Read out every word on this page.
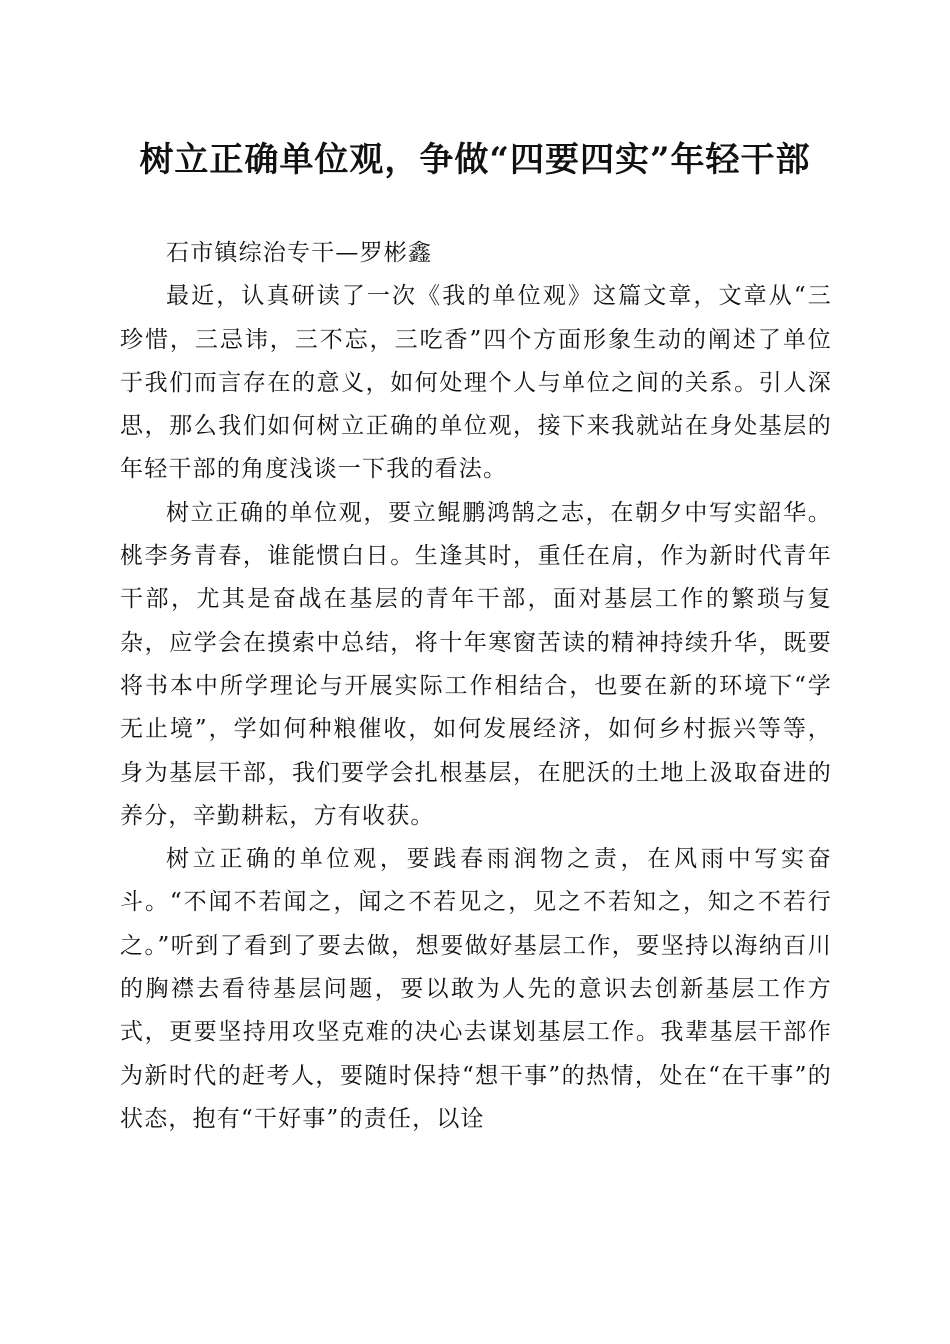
树立正确单位观，争做“四要四实”年轻干部

石市镇综治专干—罗彬鑫

最近，认真研读了一次《我的单位观》这篇文章，文章从“三珍惜，三忌讳，三不忘，三吃香”四个方面形象生动的阐述了单位于我们而言存在的意义，如何处理个人与单位之间的关系。引人深思，那么我们如何树立正确的单位观，接下来我就站在身处基层的年轻干部的角度浅谈一下我的看法。

树立正确的单位观，要立鲲鹏鸿鹄之志，在朝夕中写实韶华。桃李务青春，谁能惯白日。生逢其时，重任在肩，作为新时代青年干部，尤其是奋战在基层的青年干部，面对基层工作的繁琐与复杂，应学会在摸索中总结，将十年寒窗苦读的精神持续升华，既要将书本中所学理论与开展实际工作相结合，也要在新的环境下“学无止境”，学如何种粮催收，如何发展经济，如何乡村振兴等等，身为基层干部，我们要学会扎根基层，在肥沃的土地上汲取奋进的养分，辛勤耕耘，方有收获。

树立正确的单位观，要践春雨润物之责，在风雨中写实奋斗。“不闻不若闻之，闻之不若见之，见之不若知之，知之不若行之。”听到了看到了要去做，想要做好基层工作，要坚持以海纳百川的胸襟去看待基层问题，要以敢为人先的意识去创新基层工作方式，更要坚持用攻坚克难的决心去谋划基层工作。我辈基层干部作为新时代的赶考人，要随时保持“想干事”的热情，处在“在干事”的状态，抱有“干好事”的责任，以诠
